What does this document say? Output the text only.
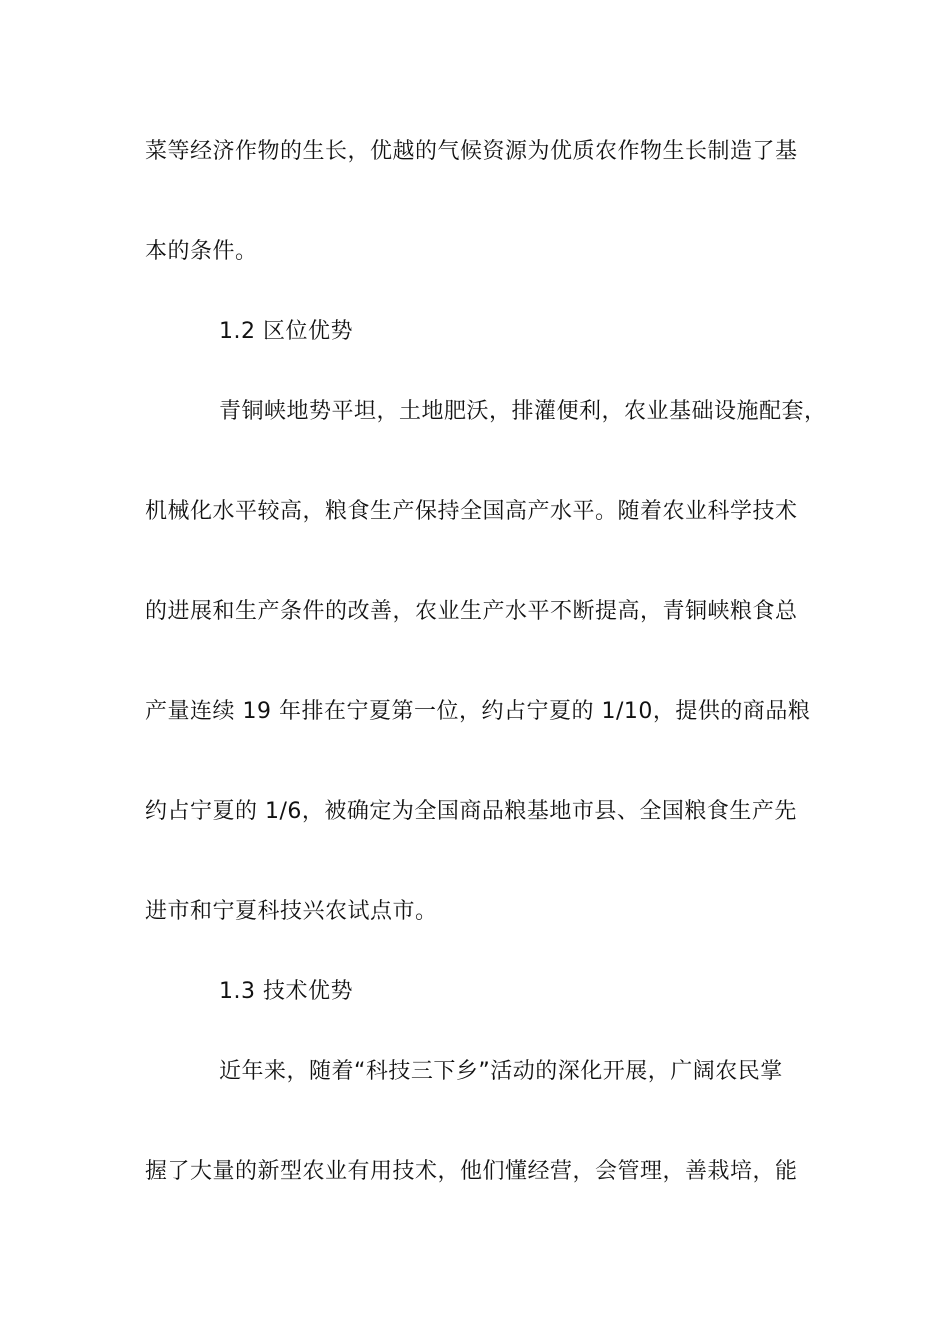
菜等经济作物的生长，优越的气候资源为优质农作物生长制造了基
本的条件。
1.2 区位优势
青铜峡地势平坦，土地肥沃，排灌便利，农业基础设施配套，
机械化水平较高，粮食生产保持全国高产水平。随着农业科学技术
的进展和生产条件的改善，农业生产水平不断提高，青铜峡粮食总
产量连续 19 年排在宁夏第一位，约占宁夏的 1/10，提供的商品粮
约占宁夏的 1/6，被确定为全国商品粮基地市县、全国粮食生产先
进市和宁夏科技兴农试点市。
1.3 技术优势
近年来，随着“科技三下乡”活动的深化开展，广阔农民掌
握了大量的新型农业有用技术，他们懂经营，会管理，善栽培，能
